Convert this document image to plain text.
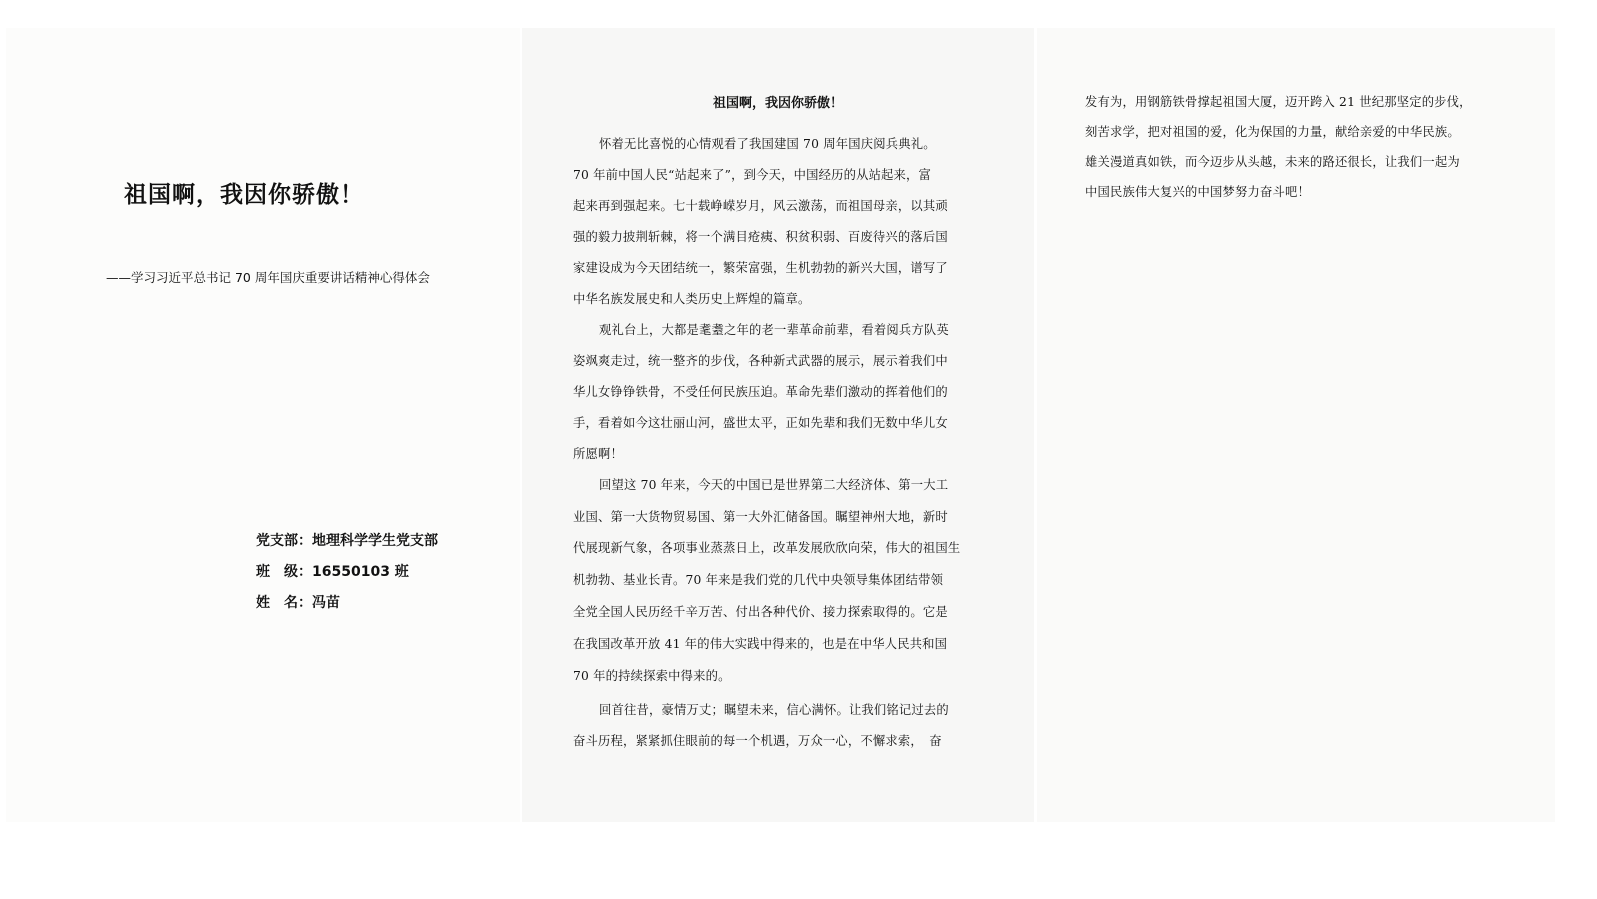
祖国啊，我因你骄傲！
——学习习近平总书记 70 周年国庆重要讲话精神心得体会
党支部：地理科学学生党支部
班　级：16550103 班
姓　名：冯苗
祖国啊，我因你骄傲！
怀着无比喜悦的心情观看了我国建国 70 周年国庆阅兵典礼。
70 年前中国人民“站起来了”，到今天，中国经历的从站起来，富
起来再到强起来。七十载峥嵘岁月，风云激荡，而祖国母亲，以其顽
强的毅力披荆斩棘，将一个满目疮痍、积贫积弱、百废待兴的落后国
家建设成为今天团结统一，繁荣富强，生机勃勃的新兴大国，谱写了
中华名族发展史和人类历史上辉煌的篇章。
观礼台上，大都是耄耋之年的老一辈革命前辈，看着阅兵方队英
姿飒爽走过，统一整齐的步伐，各种新式武器的展示，展示着我们中
华儿女铮铮铁骨，不受任何民族压迫。革命先辈们激动的挥着他们的
手，看着如今这壮丽山河，盛世太平，正如先辈和我们无数中华儿女
所愿啊！
回望这 70 年来，今天的中国已是世界第二大经济体、第一大工
业国、第一大货物贸易国、第一大外汇储备国。瞩望神州大地，新时
代展现新气象，各项事业蒸蒸日上，改革发展欣欣向荣，伟大的祖国生
机勃勃、基业长青。70 年来是我们党的几代中央领导集体团结带领
全党全国人民历经千辛万苦、付出各种代价、接力探索取得的。它是
在我国改革开放 41 年的伟大实践中得来的，也是在中华人民共和国
70 年的持续探索中得来的。
回首往昔，豪情万丈；瞩望未来，信心满怀。让我们铭记过去的
奋斗历程，紧紧抓住眼前的每一个机遇，万众一心，不懈求索，　奋
发有为，用钢筋铁骨撑起祖国大厦，迈开跨入 21 世纪那坚定的步伐，
刻苦求学，把对祖国的爱，化为保国的力量，献给亲爱的中华民族。
雄关漫道真如铁，而今迈步从头越，未来的路还很长，让我们一起为
中国民族伟大复兴的中国梦努力奋斗吧！
